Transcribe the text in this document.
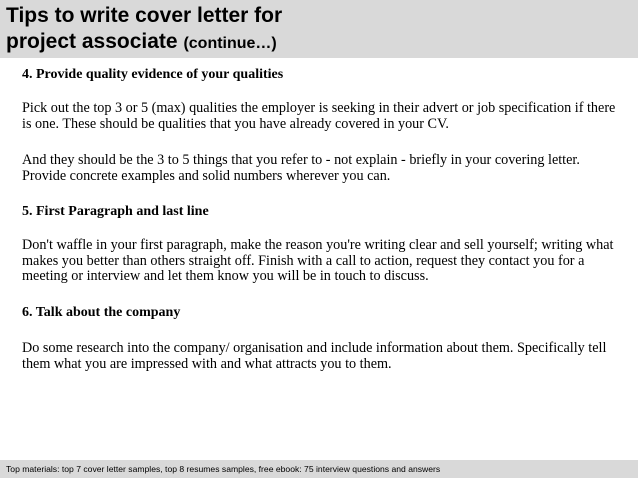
Tips to write cover letter for
project associate (continue…)

4. Provide quality evidence of your qualities

Pick out the top 3 or 5 (max) qualities the employer is seeking in their advert or job specification if there is one. These should be qualities that you have already covered in your CV.

And they should be the 3 to 5 things that you refer to - not explain - briefly in your covering letter. Provide concrete examples and solid numbers wherever you can.

5. First Paragraph and last line

Don't waffle in your first paragraph, make the reason you're writing clear and sell yourself; writing what makes you better than others straight off. Finish with a call to action, request they contact you for a meeting or interview and let them know you will be in touch to discuss.

6. Talk about the company

Do some research into the company/ organisation and include information about them. Specifically tell them what you are impressed with and what attracts you to them.

Top materials: top 7 cover letter samples, top 8 resumes samples, free ebook: 75 interview questions and answers
